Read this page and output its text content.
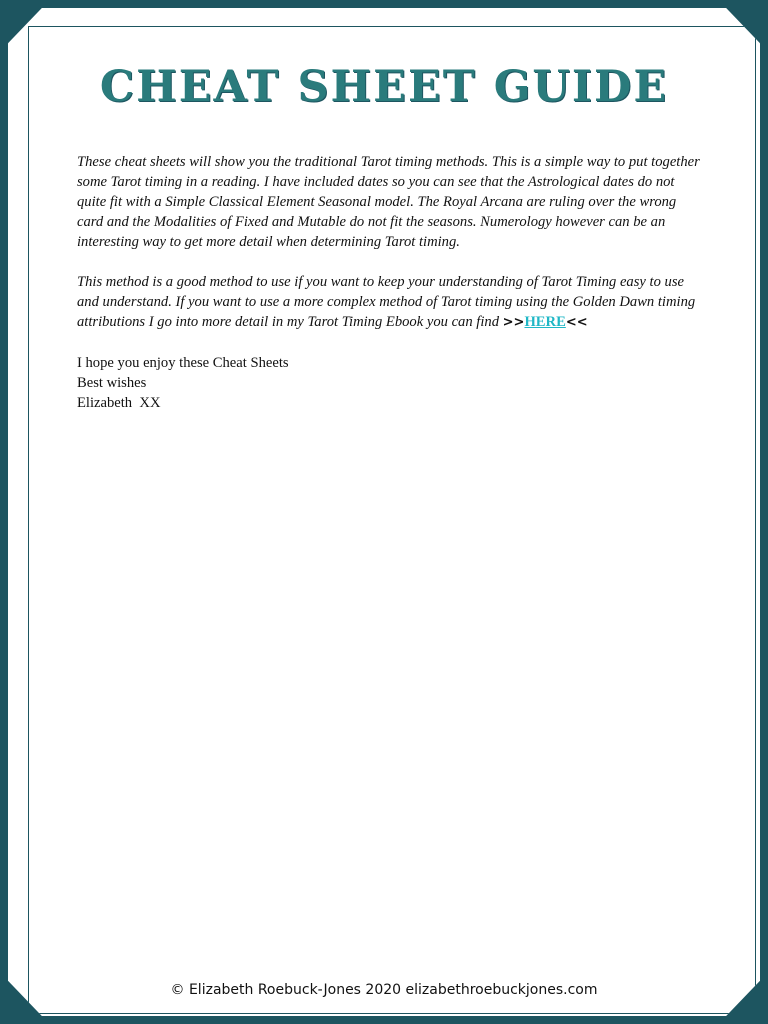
CHEAT SHEET GUIDE

These cheat sheets will show you the traditional Tarot timing methods. This is a simple way to put together some Tarot timing in a reading. I have included dates so you can see that the Astrological dates do not quite fit with a Simple Classical Element Seasonal model. The Royal Arcana are ruling over the wrong card and the Modalities of Fixed and Mutable do not fit the seasons. Numerology however can be an interesting way to get more detail when determining Tarot timing.

This method is a good method to use if you want to keep your understanding of Tarot Timing easy to use and understand. If you want to use a more complex method of Tarot timing using the Golden Dawn timing attributions I go into more detail in my Tarot Timing Ebook you can find >>HERE<<

I hope you enjoy these Cheat Sheets

Best wishes

Elizabeth  XX

© Elizabeth Roebuck-Jones 2020 elizabethroebuckjones.com
